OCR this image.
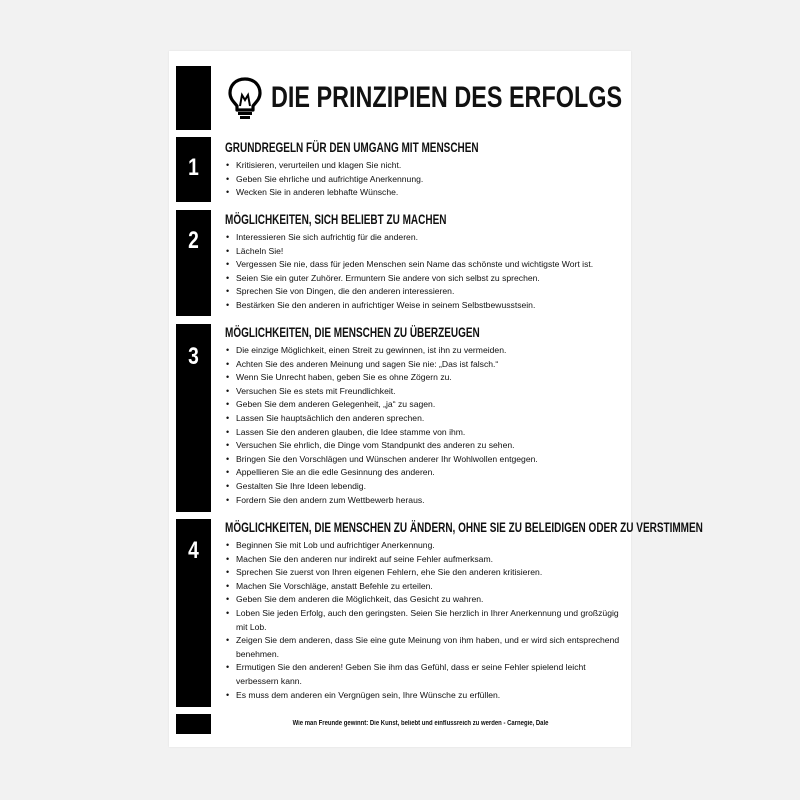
1
2
3
4
DIE PRINZIPIEN DES ERFOLGS
GRUNDREGELN FÜR DEN UMGANG MIT MENSCHEN
• Kritisieren, verurteilen und klagen Sie nicht.
• Geben Sie ehrliche und aufrichtige Anerkennung.
• Wecken Sie in anderen lebhafte Wünsche.
MÖGLICHKEITEN, SICH BELIEBT ZU MACHEN
• Interessieren Sie sich aufrichtig für die anderen.
• Lächeln Sie!
• Vergessen Sie nie, dass für jeden Menschen sein Name das schönste und wichtigste Wort ist.
• Seien Sie ein guter Zuhörer. Ermuntern Sie andere von sich selbst zu sprechen.
• Sprechen Sie von Dingen, die den anderen interessieren.
• Bestärken Sie den anderen in aufrichtiger Weise in seinem Selbstbewusstsein.
MÖGLICHKEITEN, DIE MENSCHEN ZU ÜBERZEUGEN
• Die einzige Möglichkeit, einen Streit zu gewinnen, ist ihn zu vermeiden.
• Achten Sie des anderen Meinung und sagen Sie nie: „Das ist falsch.“
• Wenn Sie Unrecht haben, geben Sie es ohne Zögern zu.
• Versuchen Sie es stets mit Freundlichkeit.
• Geben Sie dem anderen Gelegenheit, „ja“ zu sagen.
• Lassen Sie hauptsächlich den anderen sprechen.
• Lassen Sie den anderen glauben, die Idee stamme von ihm.
• Versuchen Sie ehrlich, die Dinge vom Standpunkt des anderen zu sehen.
• Bringen Sie den Vorschlägen und Wünschen anderer Ihr Wohlwollen entgegen.
• Appellieren Sie an die edle Gesinnung des anderen.
• Gestalten Sie Ihre Ideen lebendig.
• Fordern Sie den andern zum Wettbewerb heraus.
MÖGLICHKEITEN, DIE MENSCHEN ZU ÄNDERN, OHNE SIE ZU BELEIDIGEN ODER ZU VERSTIMMEN
• Beginnen Sie mit Lob und aufrichtiger Anerkennung.
• Machen Sie den anderen nur indirekt auf seine Fehler aufmerksam.
• Sprechen Sie zuerst von Ihren eigenen Fehlern, ehe Sie den anderen kritisieren.
• Machen Sie Vorschläge, anstatt Befehle zu erteilen.
• Geben Sie dem anderen die Möglichkeit, das Gesicht zu wahren.
• Loben Sie jeden Erfolg, auch den geringsten. Seien Sie herzlich in Ihrer Anerkennung und großzügig mit Lob.
• Zeigen Sie dem anderen, dass Sie eine gute Meinung von ihm haben, und er wird sich entsprechend benehmen.
• Ermutigen Sie den anderen! Geben Sie ihm das Gefühl, dass er seine Fehler spielend leicht verbessern kann.
• Es muss dem anderen ein Vergnügen sein, Ihre Wünsche zu erfüllen.
Wie man Freunde gewinnt: Die Kunst, beliebt und einflussreich zu werden - Carnegie, Dale
